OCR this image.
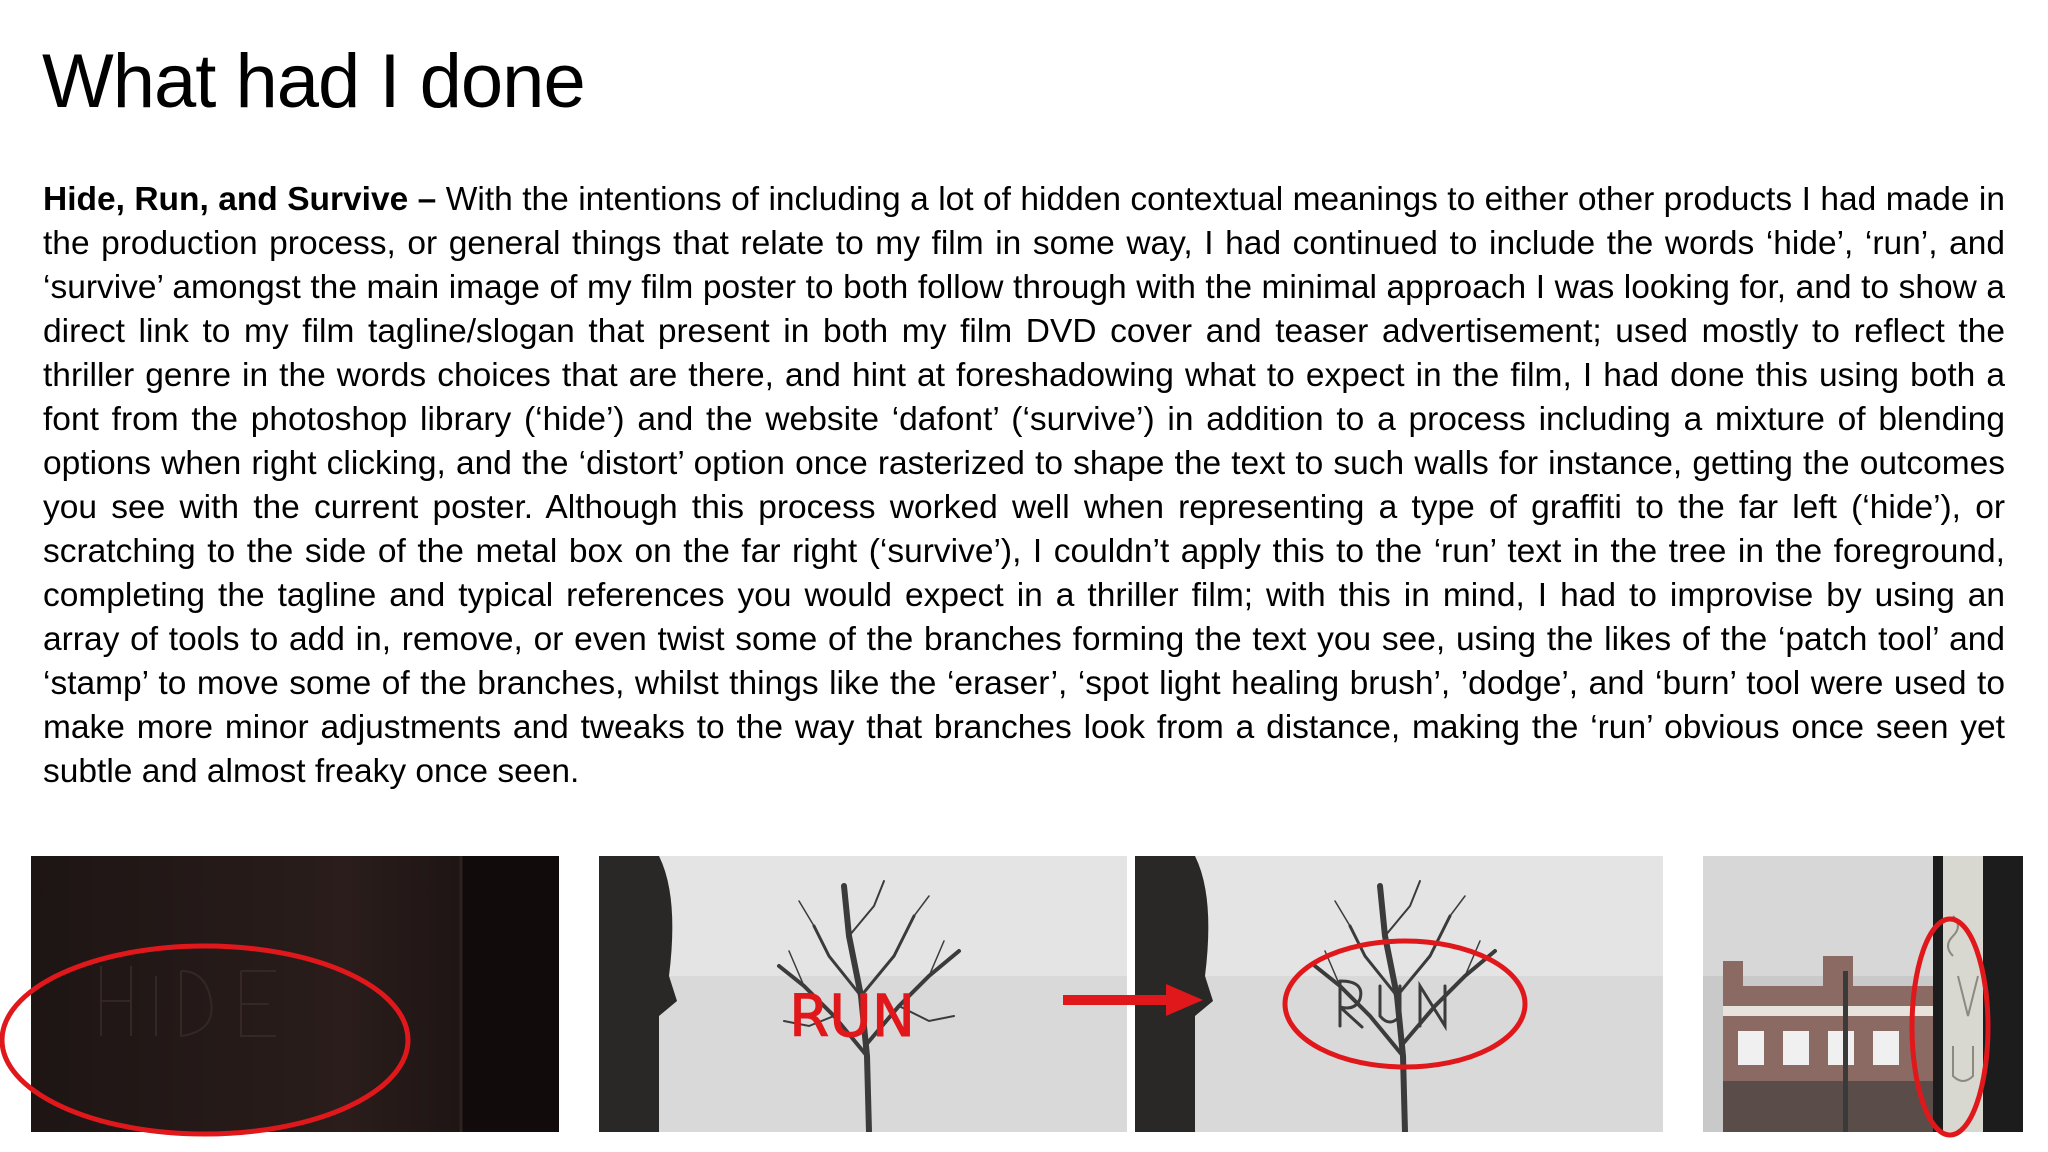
What had I done

Hide, Run, and Survive – With the intentions of including a lot of hidden contextual meanings to either other products I had made in the production process, or general things that relate to my film in some way, I had continued to include the words ‘hide’, ‘run’, and ‘survive’ amongst the main image of my film poster to both follow through with the minimal approach I was looking for, and to show a direct link to my film tagline/slogan that present in both my film DVD cover and teaser advertisement; used mostly to reflect the thriller genre in the words choices that are there, and hint at foreshadowing what to expect in the film, I had done this using both a font from the photoshop library (‘hide’) and the website ‘dafont’ (‘survive’) in addition to a process including a mixture of blending options when right clicking, and the ‘distort’ option once rasterized to shape the text to such walls for instance, getting the outcomes you see with the current poster. Although this process worked well when representing a type of graffiti to the far left (‘hide’), or scratching to the side of the metal box on the far right (‘survive’), I couldn’t apply this to the ‘run’ text in the tree in the foreground, completing the tagline and typical references you would expect in a thriller film; with this in mind, I had to improvise by using an array of tools to add in, remove, or even twist some of the branches forming the text you see, using the likes of the ‘patch tool’ and ‘stamp’ to move some of the branches, whilst things like the ‘eraser’, ‘spot light healing brush’, ’dodge’, and ‘burn’ tool were used to make more minor adjustments and tweaks to the way that branches look from a distance, making the ‘run’ obvious once seen yet subtle and almost freaky once seen.

RUN
